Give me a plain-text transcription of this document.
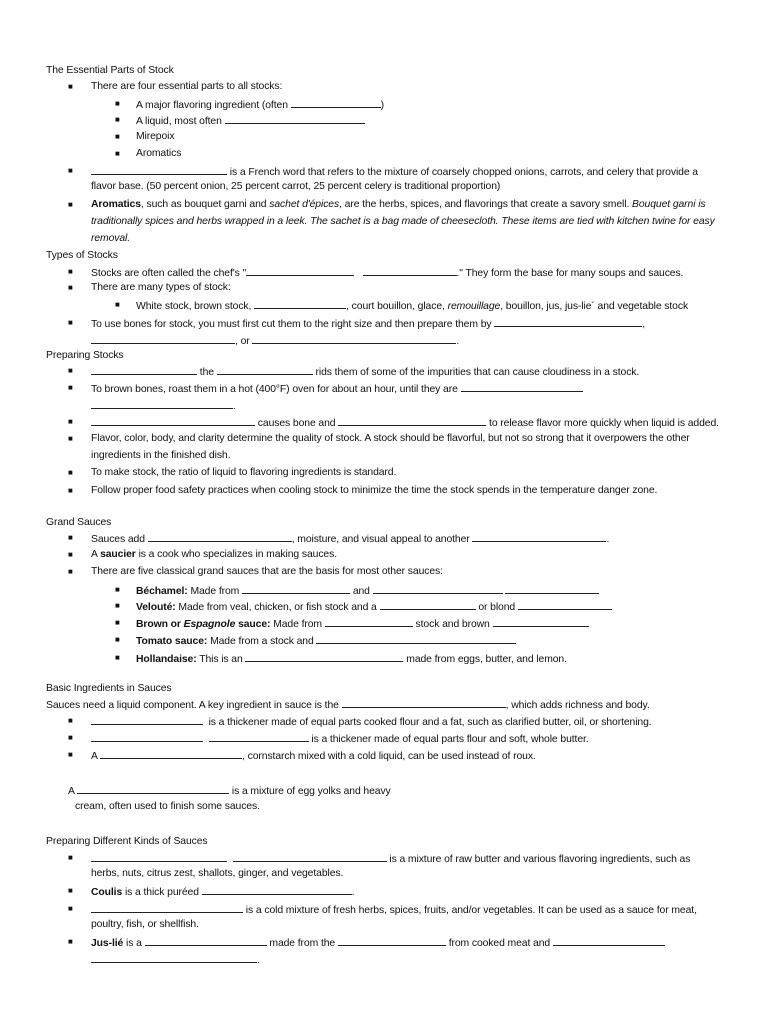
The Essential Parts of Stock
■ There are four essential parts to all stocks:
■ A major flavoring ingredient (often	)
■ A liquid, most often
■ Mirepoix
■ Aromatics
■	is a French word that refers to the mixture of coarsely chopped onions, carrots, and celery that provide a
flavor base. (50 percent onion, 25 percent carrot, 25 percent celery is traditional proportion)
■ Aromatics, such as bouquet garni and sachet d'épices, are the herbs, spices, and flavorings that create a savory smell. Bouquet garni is
traditionally spices and herbs wrapped in a leek. The sachet is a bag made of cheesecloth. These items are tied with kitchen twine for easy
removal.
Types of Stocks
■ Stocks are often called the chef's "	." They form the base for many soups and sauces.
■ There are many types of stock:
■ White stock, brown stock,	, court bouillon, glace, remouillage, bouillon, jus, jus-lie´ and vegetable stock
■ To use bones for stock, you must first cut them to the right size and then prepare them by	,
, or	.
Preparing Stocks
■	the	rids them of some of the impurities that can cause cloudiness in a stock.
■ To brown bones, roast them in a hot (400°F) oven for about an hour, until they are
.
■	causes bone and	to release flavor more quickly when liquid is added.
■ Flavor, color, body, and clarity determine the quality of stock. A stock should be flavorful, but not so strong that it overpowers the other
ingredients in the finished dish.
■ To make stock, the ratio of liquid to flavoring ingredients is standard.
■ Follow proper food safety practices when cooling stock to minimize the time the stock spends in the temperature danger zone.
Grand Sauces
■ Sauces add	, moisture, and visual appeal to another	.
■ A saucier is a cook who specializes in making sauces.
■ There are five classical grand sauces that are the basis for most other sauces:
■ Béchamel: Made from	and
■ Velouté: Made from veal, chicken, or fish stock and a	or blond
■ Brown or Espagnole sauce: Made from	stock and brown
■ Tomato sauce: Made from a stock and
■ Hollandaise: This is an	made from eggs, butter, and lemon.
Basic Ingredients in Sauces
Sauces need a liquid component. A key ingredient in sauce is the	, which adds richness and body.
■	is a thickener made of equal parts cooked flour and a fat, such as clarified butter, oil, or shortening.
■	is a thickener made of equal parts flour and soft, whole butter.
■ A	, cornstarch mixed with a cold liquid, can be used instead of roux.
A	is a mixture of egg yolks and heavy
cream, often used to finish some sauces.
Preparing Different Kinds of Sauces
■	is a mixture of raw butter and various flavoring ingredients, such as
herbs, nuts, citrus zest, shallots, ginger, and vegetables.
■ Coulis is a thick puréed	.
■	is a cold mixture of fresh herbs, spices, fruits, and/or vegetables. It can be used as a sauce for meat,
poultry, fish, or shellfish.
■ Jus-lié is a	made from the	from cooked meat and
.
